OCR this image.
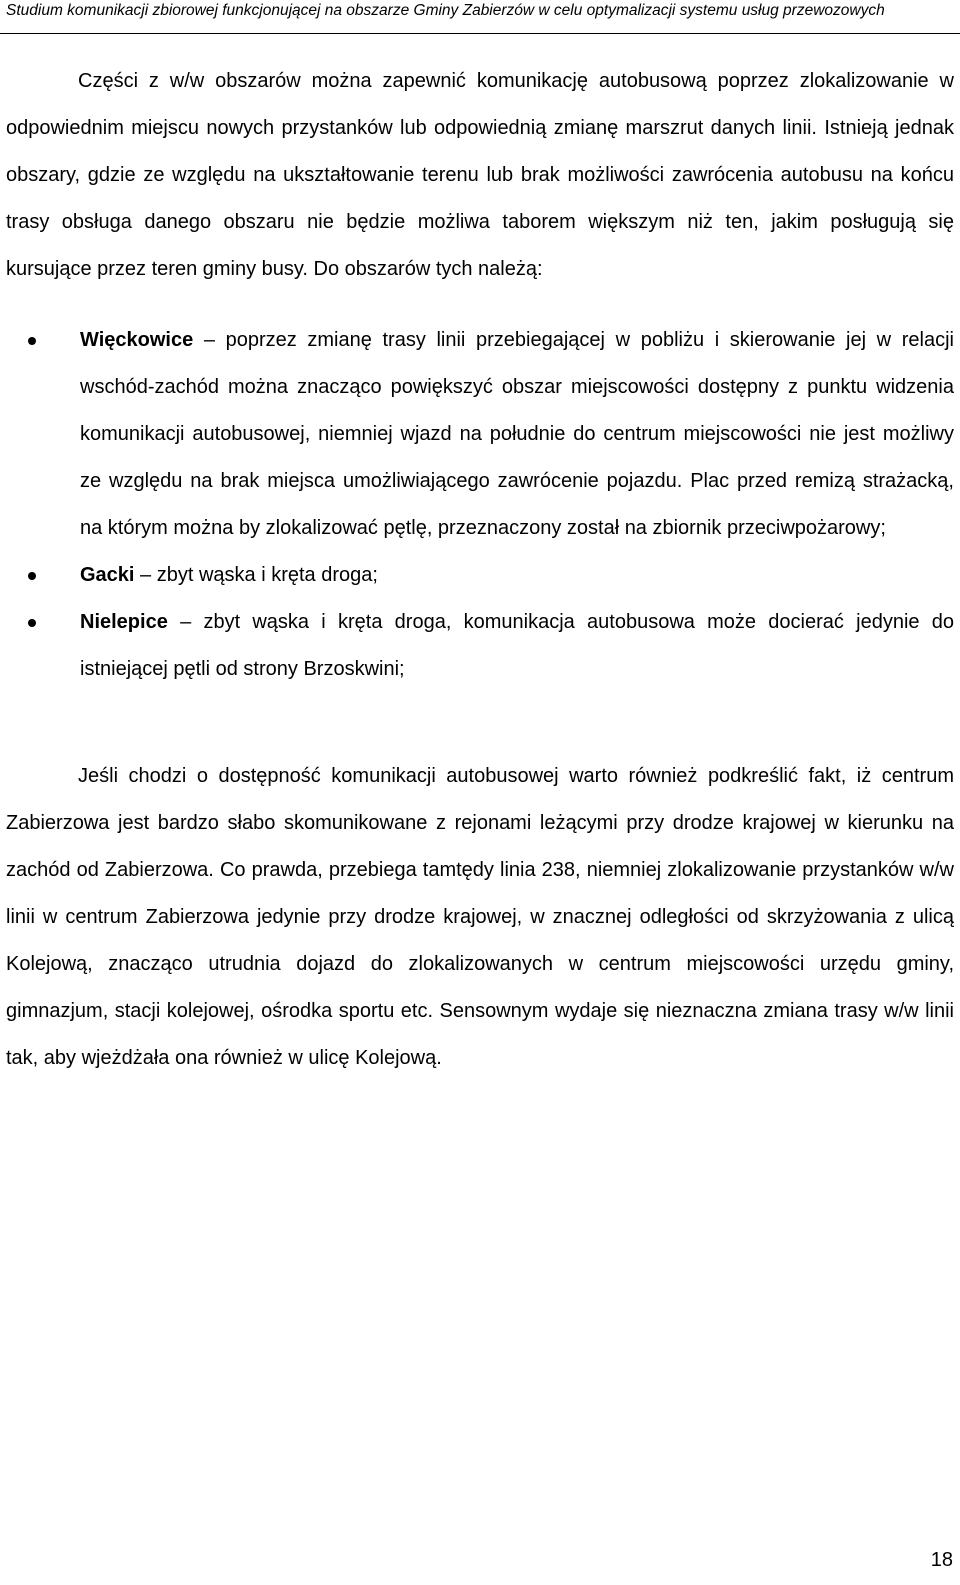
Studium komunikacji zbiorowej funkcjonującej na obszarze Gminy Zabierzów w celu optymalizacji systemu usług przewozowych

Części z w/w obszarów można zapewnić komunikację autobusową poprzez zlokalizowanie w odpowiednim miejscu nowych przystanków lub odpowiednią zmianę marszrut danych linii. Istnieją jednak obszary, gdzie ze względu na ukształtowanie terenu lub brak możliwości zawrócenia autobusu na końcu trasy obsługa danego obszaru nie będzie możliwa taborem większym niż ten, jakim posługują się kursujące przez teren gminy busy. Do obszarów tych należą:

Więckowice – poprzez zmianę trasy linii przebiegającej w pobliżu i skierowanie jej w relacji wschód-zachód można znacząco powiększyć obszar miejscowości dostępny z punktu widzenia komunikacji autobusowej, niemniej wjazd na południe do centrum miejscowości nie jest możliwy ze względu na brak miejsca umożliwiającego zawrócenie pojazdu. Plac przed remizą strażacką, na którym można by zlokalizować pętlę, przeznaczony został na zbiornik przeciwpożarowy;
Gacki – zbyt wąska i kręta droga;
Nielepice – zbyt wąska i kręta droga, komunikacja autobusowa może docierać jedynie do istniejącej pętli od strony Brzoskwini;

Jeśli chodzi o dostępność komunikacji autobusowej warto również podkreślić fakt, iż centrum Zabierzowa jest bardzo słabo skomunikowane z rejonami leżącymi przy drodze krajowej w kierunku na zachód od Zabierzowa. Co prawda, przebiega tamtędy linia 238, niemniej zlokalizowanie przystanków w/w linii w centrum Zabierzowa jedynie przy drodze krajowej, w znacznej odległości od skrzyżowania z ulicą Kolejową, znacząco utrudnia dojazd do zlokalizowanych w centrum miejscowości urzędu gminy, gimnazjum, stacji kolejowej, ośrodka sportu etc. Sensownym wydaje się nieznaczna zmiana trasy w/w linii tak, aby wjeżdżała ona również w ulicę Kolejową.

18
